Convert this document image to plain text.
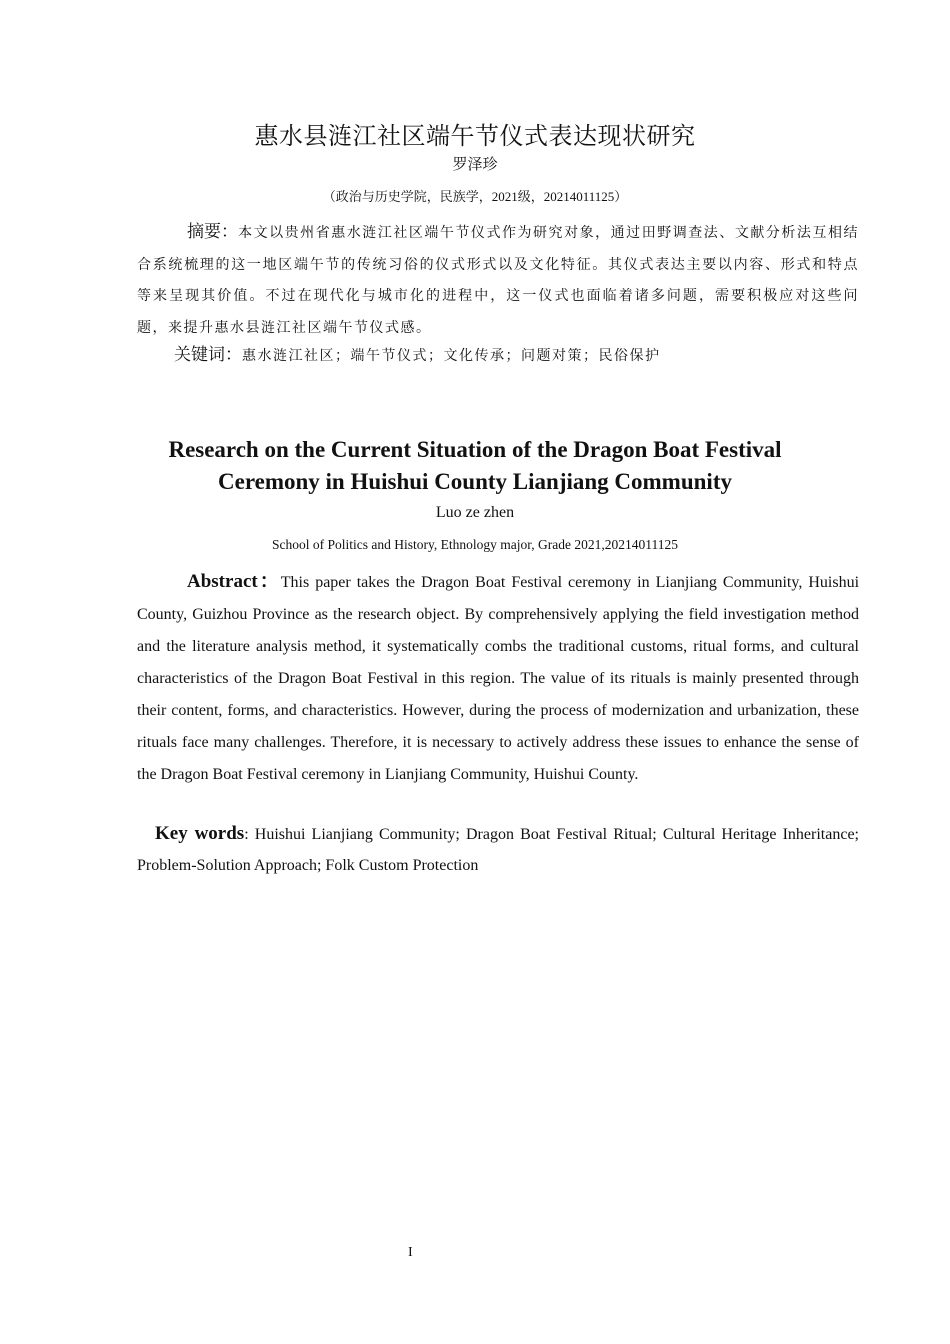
惠水县涟江社区端午节仪式表达现状研究
罗泽珍
（政治与历史学院，民族学，2021级，20214011125）
摘要：本文以贵州省惠水涟江社区端午节仪式作为研究对象，通过田野调查法、文献分析法互相结合系统梳理的这一地区端午节的传统习俗的仪式形式以及文化特征。其仪式表达主要以内容、形式和特点等来呈现其价值。不过在现代化与城市化的进程中，这一仪式也面临着诸多问题，需要积极应对这些问题，来提升惠水县涟江社区端午节仪式感。
关键词：惠水涟江社区；端午节仪式；文化传承；问题对策；民俗保护
Research on the Current Situation of the Dragon Boat Festival Ceremony in Huishui County Lianjiang Community
Luo ze zhen
School of Politics and History, Ethnology major, Grade 2021,20214011125
Abstract：This paper takes the Dragon Boat Festival ceremony in Lianjiang Community, Huishui County, Guizhou Province as the research object. By comprehensively applying the field investigation method and the literature analysis method, it systematically combs the traditional customs, ritual forms, and cultural characteristics of the Dragon Boat Festival in this region. The value of its rituals is mainly presented through their content, forms, and characteristics. However, during the process of modernization and urbanization, these rituals face many challenges. Therefore, it is necessary to actively address these issues to enhance the sense of the Dragon Boat Festival ceremony in Lianjiang Community, Huishui County.
Key words: Huishui Lianjiang Community; Dragon Boat Festival Ritual; Cultural Heritage Inheritance; Problem-Solution Approach; Folk Custom Protection
I
